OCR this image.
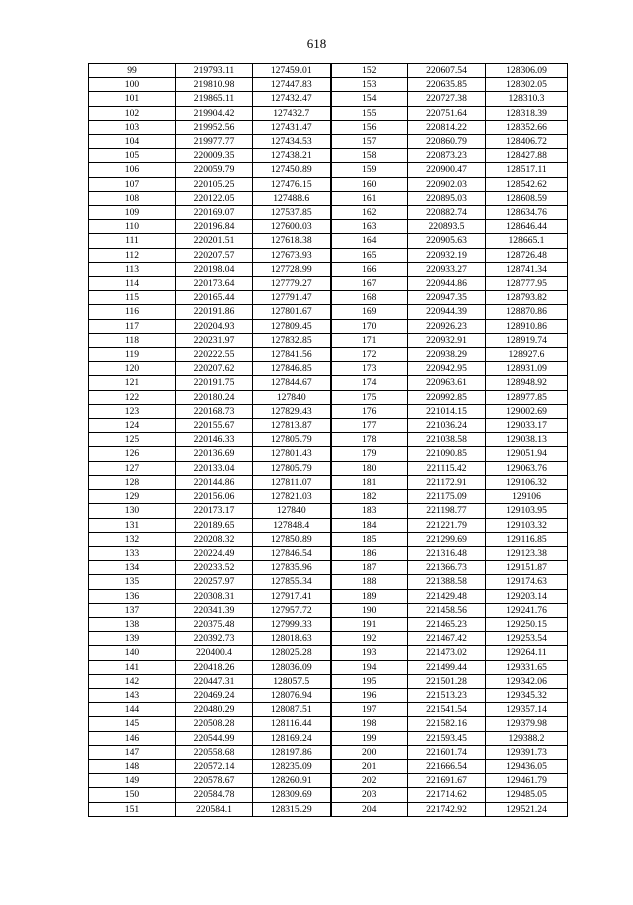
618
99	219793.11	127459.01	152	220607.54	128306.09
100	219810.98	127447.83	153	220635.85	128302.05
101	219865.11	127432.47	154	220727.38	128310.3
102	219904.42	127432.7	155	220751.64	128318.39
103	219952.56	127431.47	156	220814.22	128352.66
104	219977.77	127434.53	157	220860.79	128406.72
105	220009.35	127438.21	158	220873.23	128427.88
106	220059.79	127450.89	159	220900.47	128517.11
107	220105.25	127476.15	160	220902.03	128542.62
108	220122.05	127488.6	161	220895.03	128608.59
109	220169.07	127537.85	162	220882.74	128634.76
110	220196.84	127600.03	163	220893.5	128646.44
111	220201.51	127618.38	164	220905.63	128665.1
112	220207.57	127673.93	165	220932.19	128726.48
113	220198.04	127728.99	166	220933.27	128741.34
114	220173.64	127779.27	167	220944.86	128777.95
115	220165.44	127791.47	168	220947.35	128793.82
116	220191.86	127801.67	169	220944.39	128870.86
117	220204.93	127809.45	170	220926.23	128910.86
118	220231.97	127832.85	171	220932.91	128919.74
119	220222.55	127841.56	172	220938.29	128927.6
120	220207.62	127846.85	173	220942.95	128931.09
121	220191.75	127844.67	174	220963.61	128948.92
122	220180.24	127840	175	220992.85	128977.85
123	220168.73	127829.43	176	221014.15	129002.69
124	220155.67	127813.87	177	221036.24	129033.17
125	220146.33	127805.79	178	221038.58	129038.13
126	220136.69	127801.43	179	221090.85	129051.94
127	220133.04	127805.79	180	221115.42	129063.76
128	220144.86	127811.07	181	221172.91	129106.32
129	220156.06	127821.03	182	221175.09	129106
130	220173.17	127840	183	221198.77	129103.95
131	220189.65	127848.4	184	221221.79	129103.32
132	220208.32	127850.89	185	221299.69	129116.85
133	220224.49	127846.54	186	221316.48	129123.38
134	220233.52	127835.96	187	221366.73	129151.87
135	220257.97	127855.34	188	221388.58	129174.63
136	220308.31	127917.41	189	221429.48	129203.14
137	220341.39	127957.72	190	221458.56	129241.76
138	220375.48	127999.33	191	221465.23	129250.15
139	220392.73	128018.63	192	221467.42	129253.54
140	220400.4	128025.28	193	221473.02	129264.11
141	220418.26	128036.09	194	221499.44	129331.65
142	220447.31	128057.5	195	221501.28	129342.06
143	220469.24	128076.94	196	221513.23	129345.32
144	220480.29	128087.51	197	221541.54	129357.14
145	220508.28	128116.44	198	221582.16	129379.98
146	220544.99	128169.24	199	221593.45	129388.2
147	220558.68	128197.86	200	221601.74	129391.73
148	220572.14	128235.09	201	221666.54	129436.05
149	220578.67	128260.91	202	221691.67	129461.79
150	220584.78	128309.69	203	221714.62	129485.05
151	220584.1	128315.29	204	221742.92	129521.24
